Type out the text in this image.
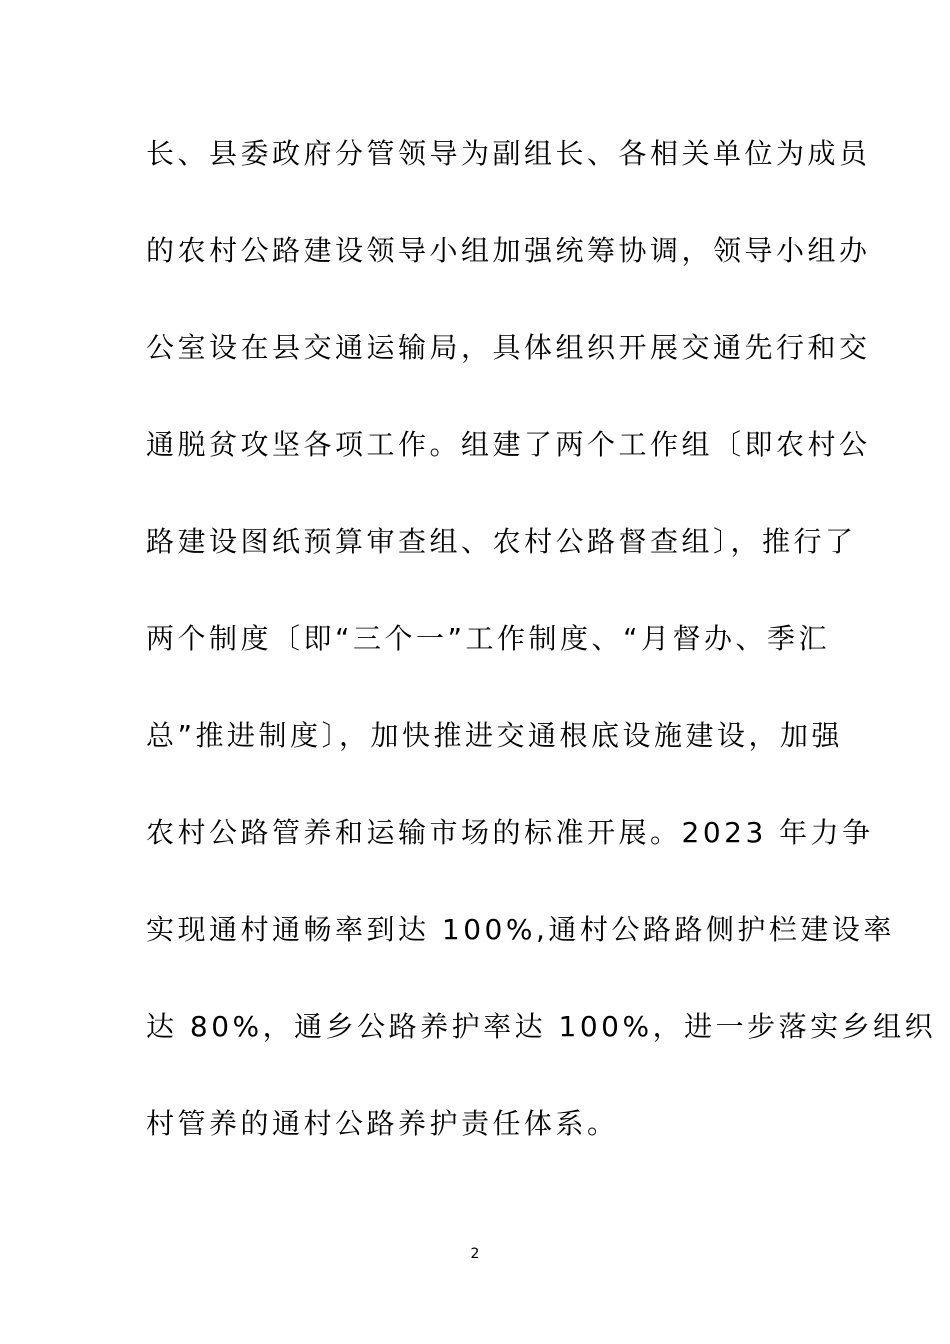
长、县委政府分管领导为副组长、各相关单位为成员
的农村公路建设领导小组加强统筹协调，领导小组办
公室设在县交通运输局，具体组织开展交通先行和交
通脱贫攻坚各项工作。组建了两个工作组〔即农村公
路建设图纸预算审查组、农村公路督查组〕，推行了
两个制度〔即“三个一”工作制度、“月督办、季汇
总”推进制度〕，加快推进交通根底设施建设，加强
农村公路管养和运输市场的标准开展。2023 年力争
实现通村通畅率到达 100%,通村公路路侧护栏建设率
达 80%，通乡公路养护率达 100%，进一步落实乡组织
村管养的通村公路养护责任体系。
2
